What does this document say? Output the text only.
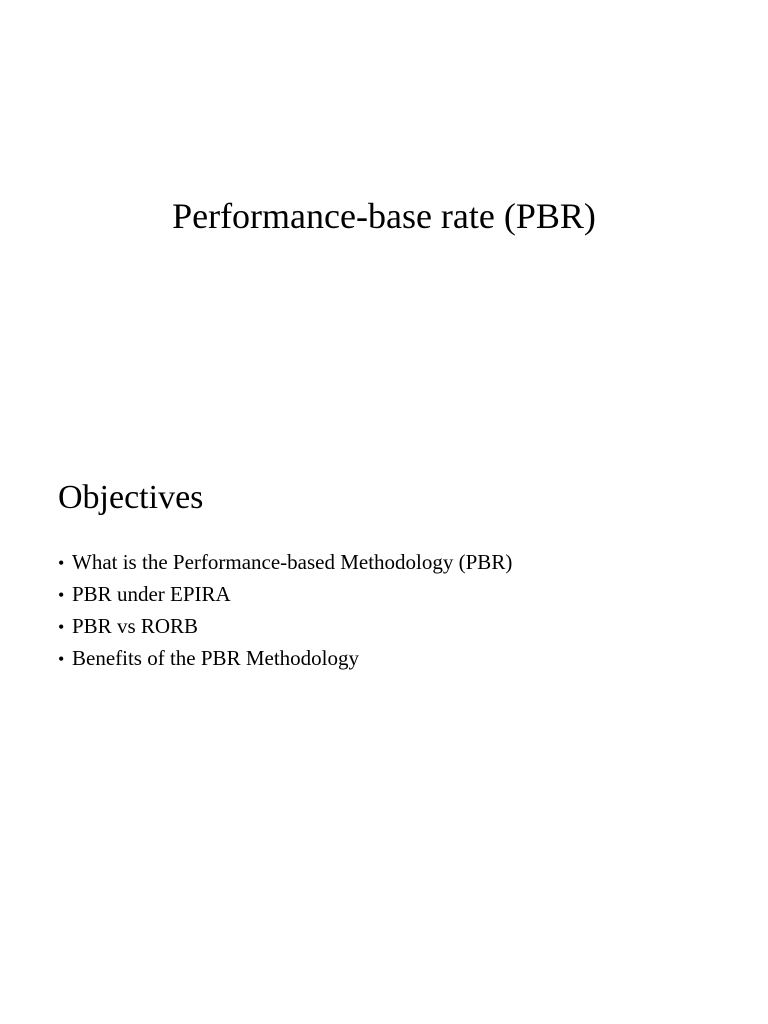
Performance-base rate (PBR)
Objectives
• What is the Performance-based Methodology (PBR)
• PBR under EPIRA
• PBR vs RORB
• Benefits of the PBR Methodology
